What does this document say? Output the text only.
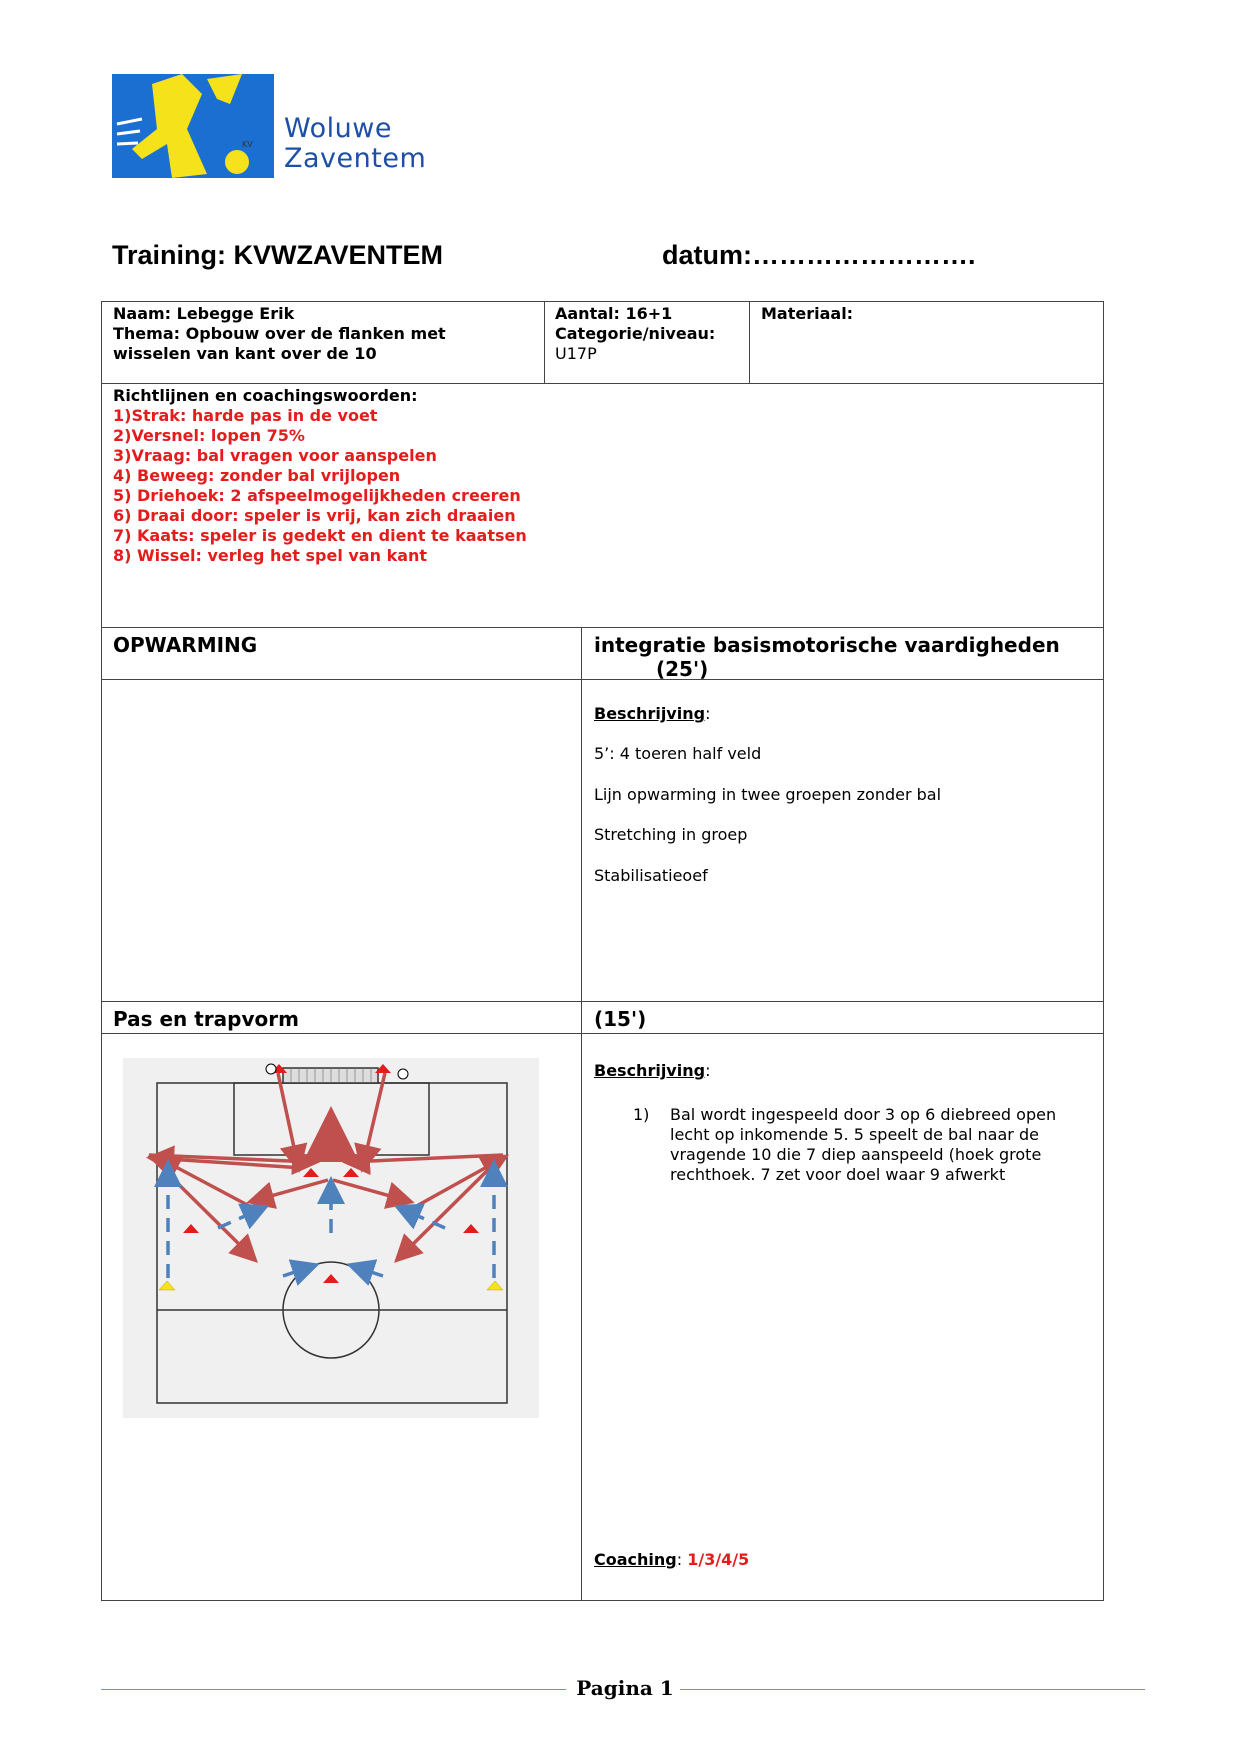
KV
Woluwe
Zaventem
Training: KVWZAVENTEM	datum:…………………….
Naam: Lebegge Erik
Thema: Opbouw over de flanken met
wisselen van kant over de 10
Aantal: 16+1
Categorie/niveau:
U17P
Materiaal:
Richtlijnen en coachingswoorden:
1)Strak: harde pas in de voet
2)Versnel: lopen 75%
3)Vraag: bal vragen voor aanspelen
4) Beweeg: zonder bal vrijlopen
5) Driehoek: 2 afspeelmogelijkheden creeren
6) Draai door: speler is vrij, kan zich draaien
7) Kaats: speler is gedekt en dient te kaatsen
8) Wissel: verleg het spel van kant
OPWARMING	integratie basismotorische vaardigheden
(25')
Beschrijving:
5’: 4 toeren half veld
Lijn opwarming in twee groepen zonder bal
Stretching in groep
Stabilisatieoef
Pas en trapvorm	(15')
Beschrijving:
1) Bal wordt ingespeeld door 3 op 6 diebreed open
lecht op inkomende 5. 5 speelt de bal naar de
vragende 10 die 7 diep aanspeeld (hoek grote
rechthoek. 7 zet voor doel waar 9 afwerkt
Coaching: 1/3/4/5
Pagina 1
